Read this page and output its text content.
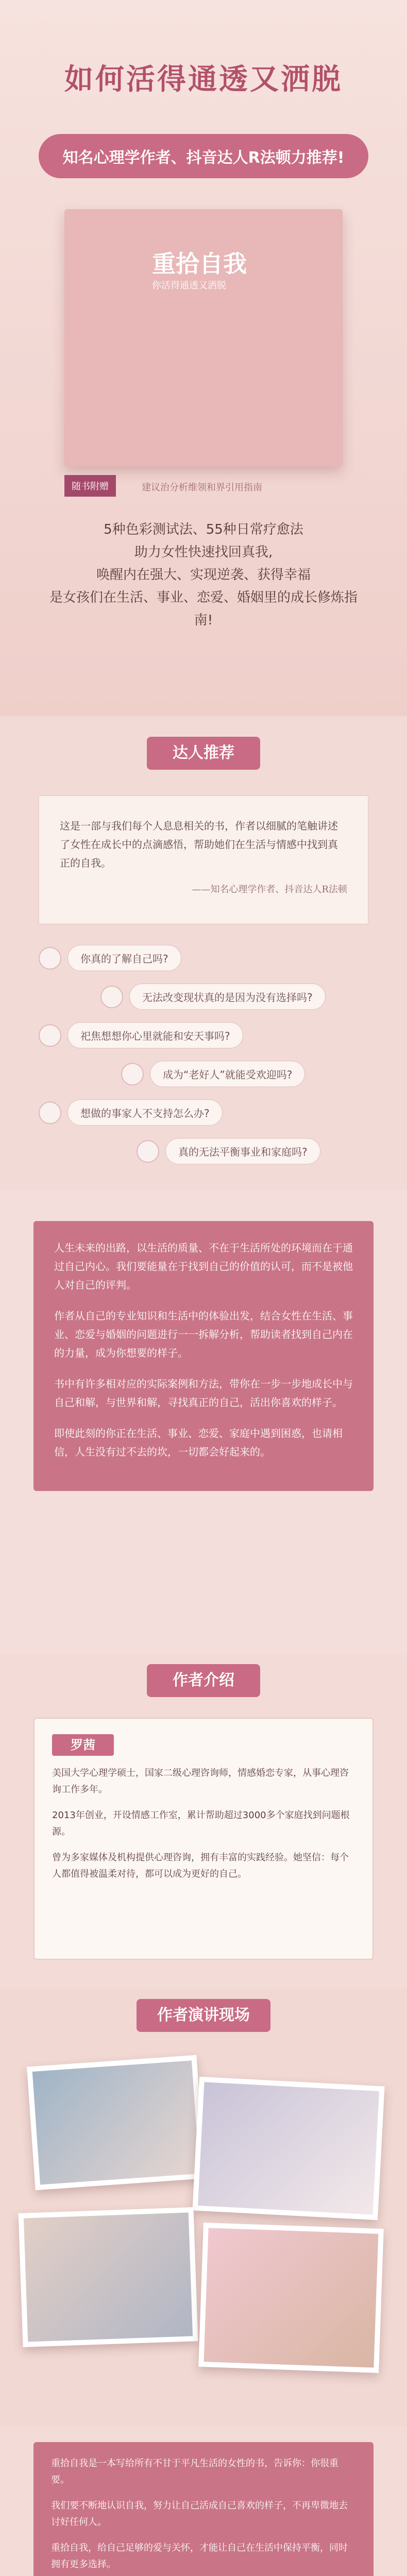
如何活得通透又洒脱
知名心理学作者、抖音达人R法顿力推荐!
重拾自我
你活得通透又洒脱
随书附赠	建议治分析维领和界引用指南
5种色彩测试法、55种日常疗愈法
助力女性快速找回真我,
唤醒内在强大、实现逆袭、获得幸福
是女孩们在生活、事业、恋爱、婚姻里的成长修炼指南!
达人推荐
这是一部与我们每个人息息相关的书，作者以细腻的笔触讲述了女性在成长中的点滴感悟，帮助她们在生活与情感中找到真正的自我。
——知名心理学作者、抖音达人R法顿
你真的了解自己吗?
无法改变现状真的是因为没有选择吗?
祀焦想想你心里就能和安天事吗?
成为“老好人”就能受欢迎吗?
想做的事家人不支持怎么办?
真的无法平衡事业和家庭吗?

人生未来的出路，以生活的质量、不在于生活所处的环境而在于通过自己内心。我们要能量在于找到自己的价值的认可，而不是被他人对自己的评判。

作者从自己的专业知识和生活中的体验出发，结合女性在生活、事业、恋爱与婚姻的问题进行一一拆解分析，帮助读者找到自己内在的力量，成为你想要的样子。

书中有许多相对应的实际案例和方法，带你在一步一步地成长中与自己和解，与世界和解，寻找真正的自己，活出你喜欢的样子。

即使此刻的你正在生活、事业、恋爱、家庭中遇到困惑，也请相信，人生没有过不去的坎，一切都会好起来的。

作者介绍
罗茜
美国大学心理学硕士，国家二级心理咨询师，情感婚恋专家，从事心理咨询工作多年。
2013年创业，开设情感工作室，累计帮助超过3000多个家庭找到问题根源。
曾为多家媒体及机构提供心理咨询，拥有丰富的实践经验。她坚信：每个人都值得被温柔对待，都可以成为更好的自己。
作者演讲现场

重拾自我是一本写给所有不甘于平凡生活的女性的书，告诉你：你很重要。

我们要不断地认识自我，努力让自己活成自己喜欢的样子，不再卑微地去讨好任何人。

重拾自我，给自己足够的爱与关怀，才能让自己在生活中保持平衡，同时拥有更多选择。
